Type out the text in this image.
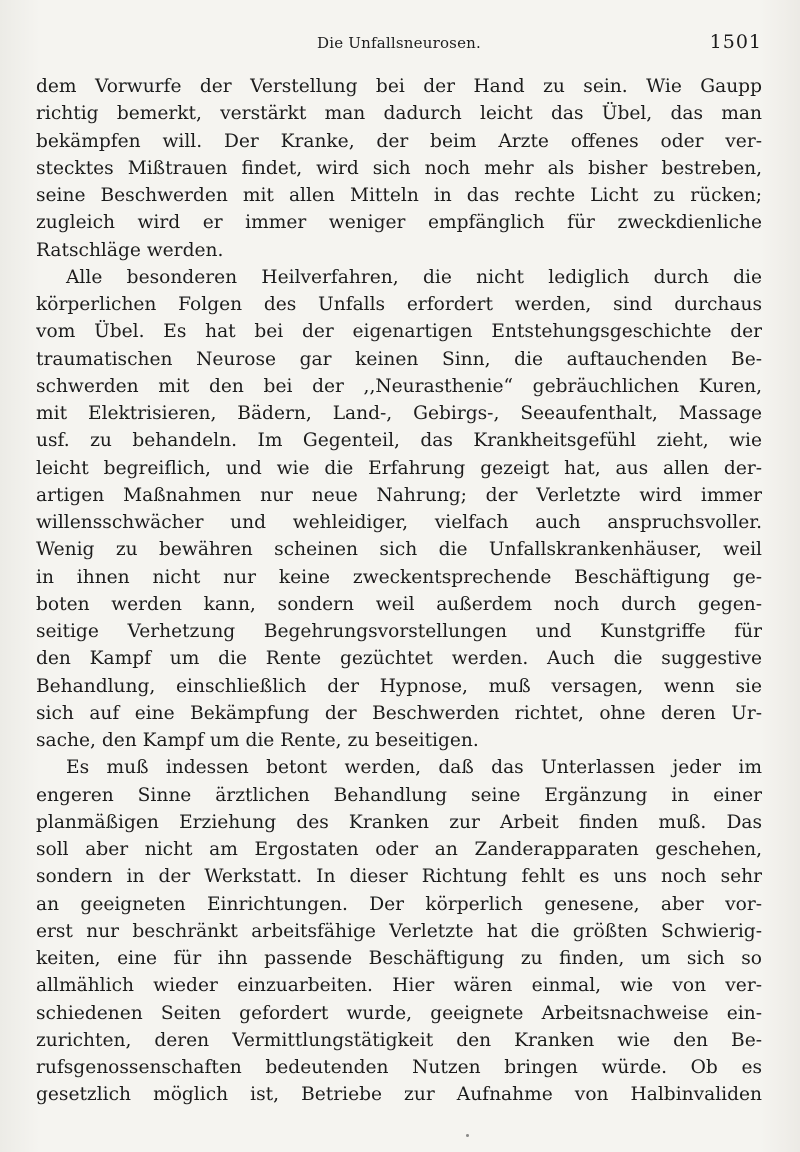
Die Unfallsneurosen.	1501
dem Vorwurfe der Verstellung bei der Hand zu sein. Wie Gaupp
richtig bemerkt, verstärkt man dadurch leicht das Übel, das man
bekämpfen will. Der Kranke, der beim Arzte offenes oder ver-
stecktes Mißtrauen findet, wird sich noch mehr als bisher bestreben,
seine Beschwerden mit allen Mitteln in das rechte Licht zu rücken;
zugleich wird er immer weniger empfänglich für zweckdienliche
Ratschläge werden.
Alle besonderen Heilverfahren, die nicht lediglich durch die
körperlichen Folgen des Unfalls erfordert werden, sind durchaus
vom Übel. Es hat bei der eigenartigen Entstehungsgeschichte der
traumatischen Neurose gar keinen Sinn, die auftauchenden Be-
schwerden mit den bei der ,,Neurasthenie“ gebräuchlichen Kuren,
mit Elektrisieren, Bädern, Land-, Gebirgs-, Seeaufenthalt, Massage
usf. zu behandeln. Im Gegenteil, das Krankheitsgefühl zieht, wie
leicht begreiflich, und wie die Erfahrung gezeigt hat, aus allen der-
artigen Maßnahmen nur neue Nahrung; der Verletzte wird immer
willensschwächer und wehleidiger, vielfach auch anspruchsvoller.
Wenig zu bewähren scheinen sich die Unfallskrankenhäuser, weil
in ihnen nicht nur keine zweckentsprechende Beschäftigung ge-
boten werden kann, sondern weil außerdem noch durch gegen-
seitige Verhetzung Begehrungsvorstellungen und Kunstgriffe für
den Kampf um die Rente gezüchtet werden. Auch die suggestive
Behandlung, einschließlich der Hypnose, muß versagen, wenn sie
sich auf eine Bekämpfung der Beschwerden richtet, ohne deren Ur-
sache, den Kampf um die Rente, zu beseitigen.
Es muß indessen betont werden, daß das Unterlassen jeder im
engeren Sinne ärztlichen Behandlung seine Ergänzung in einer
planmäßigen Erziehung des Kranken zur Arbeit finden muß. Das
soll aber nicht am Ergostaten oder an Zanderapparaten geschehen,
sondern in der Werkstatt. In dieser Richtung fehlt es uns noch sehr
an geeigneten Einrichtungen. Der körperlich genesene, aber vor-
erst nur beschränkt arbeitsfähige Verletzte hat die größten Schwierig-
keiten, eine für ihn passende Beschäftigung zu finden, um sich so
allmählich wieder einzuarbeiten. Hier wären einmal, wie von ver-
schiedenen Seiten gefordert wurde, geeignete Arbeitsnachweise ein-
zurichten, deren Vermittlungstätigkeit den Kranken wie den Be-
rufsgenossenschaften bedeutenden Nutzen bringen würde. Ob es
gesetzlich möglich ist, Betriebe zur Aufnahme von Halbinvaliden
